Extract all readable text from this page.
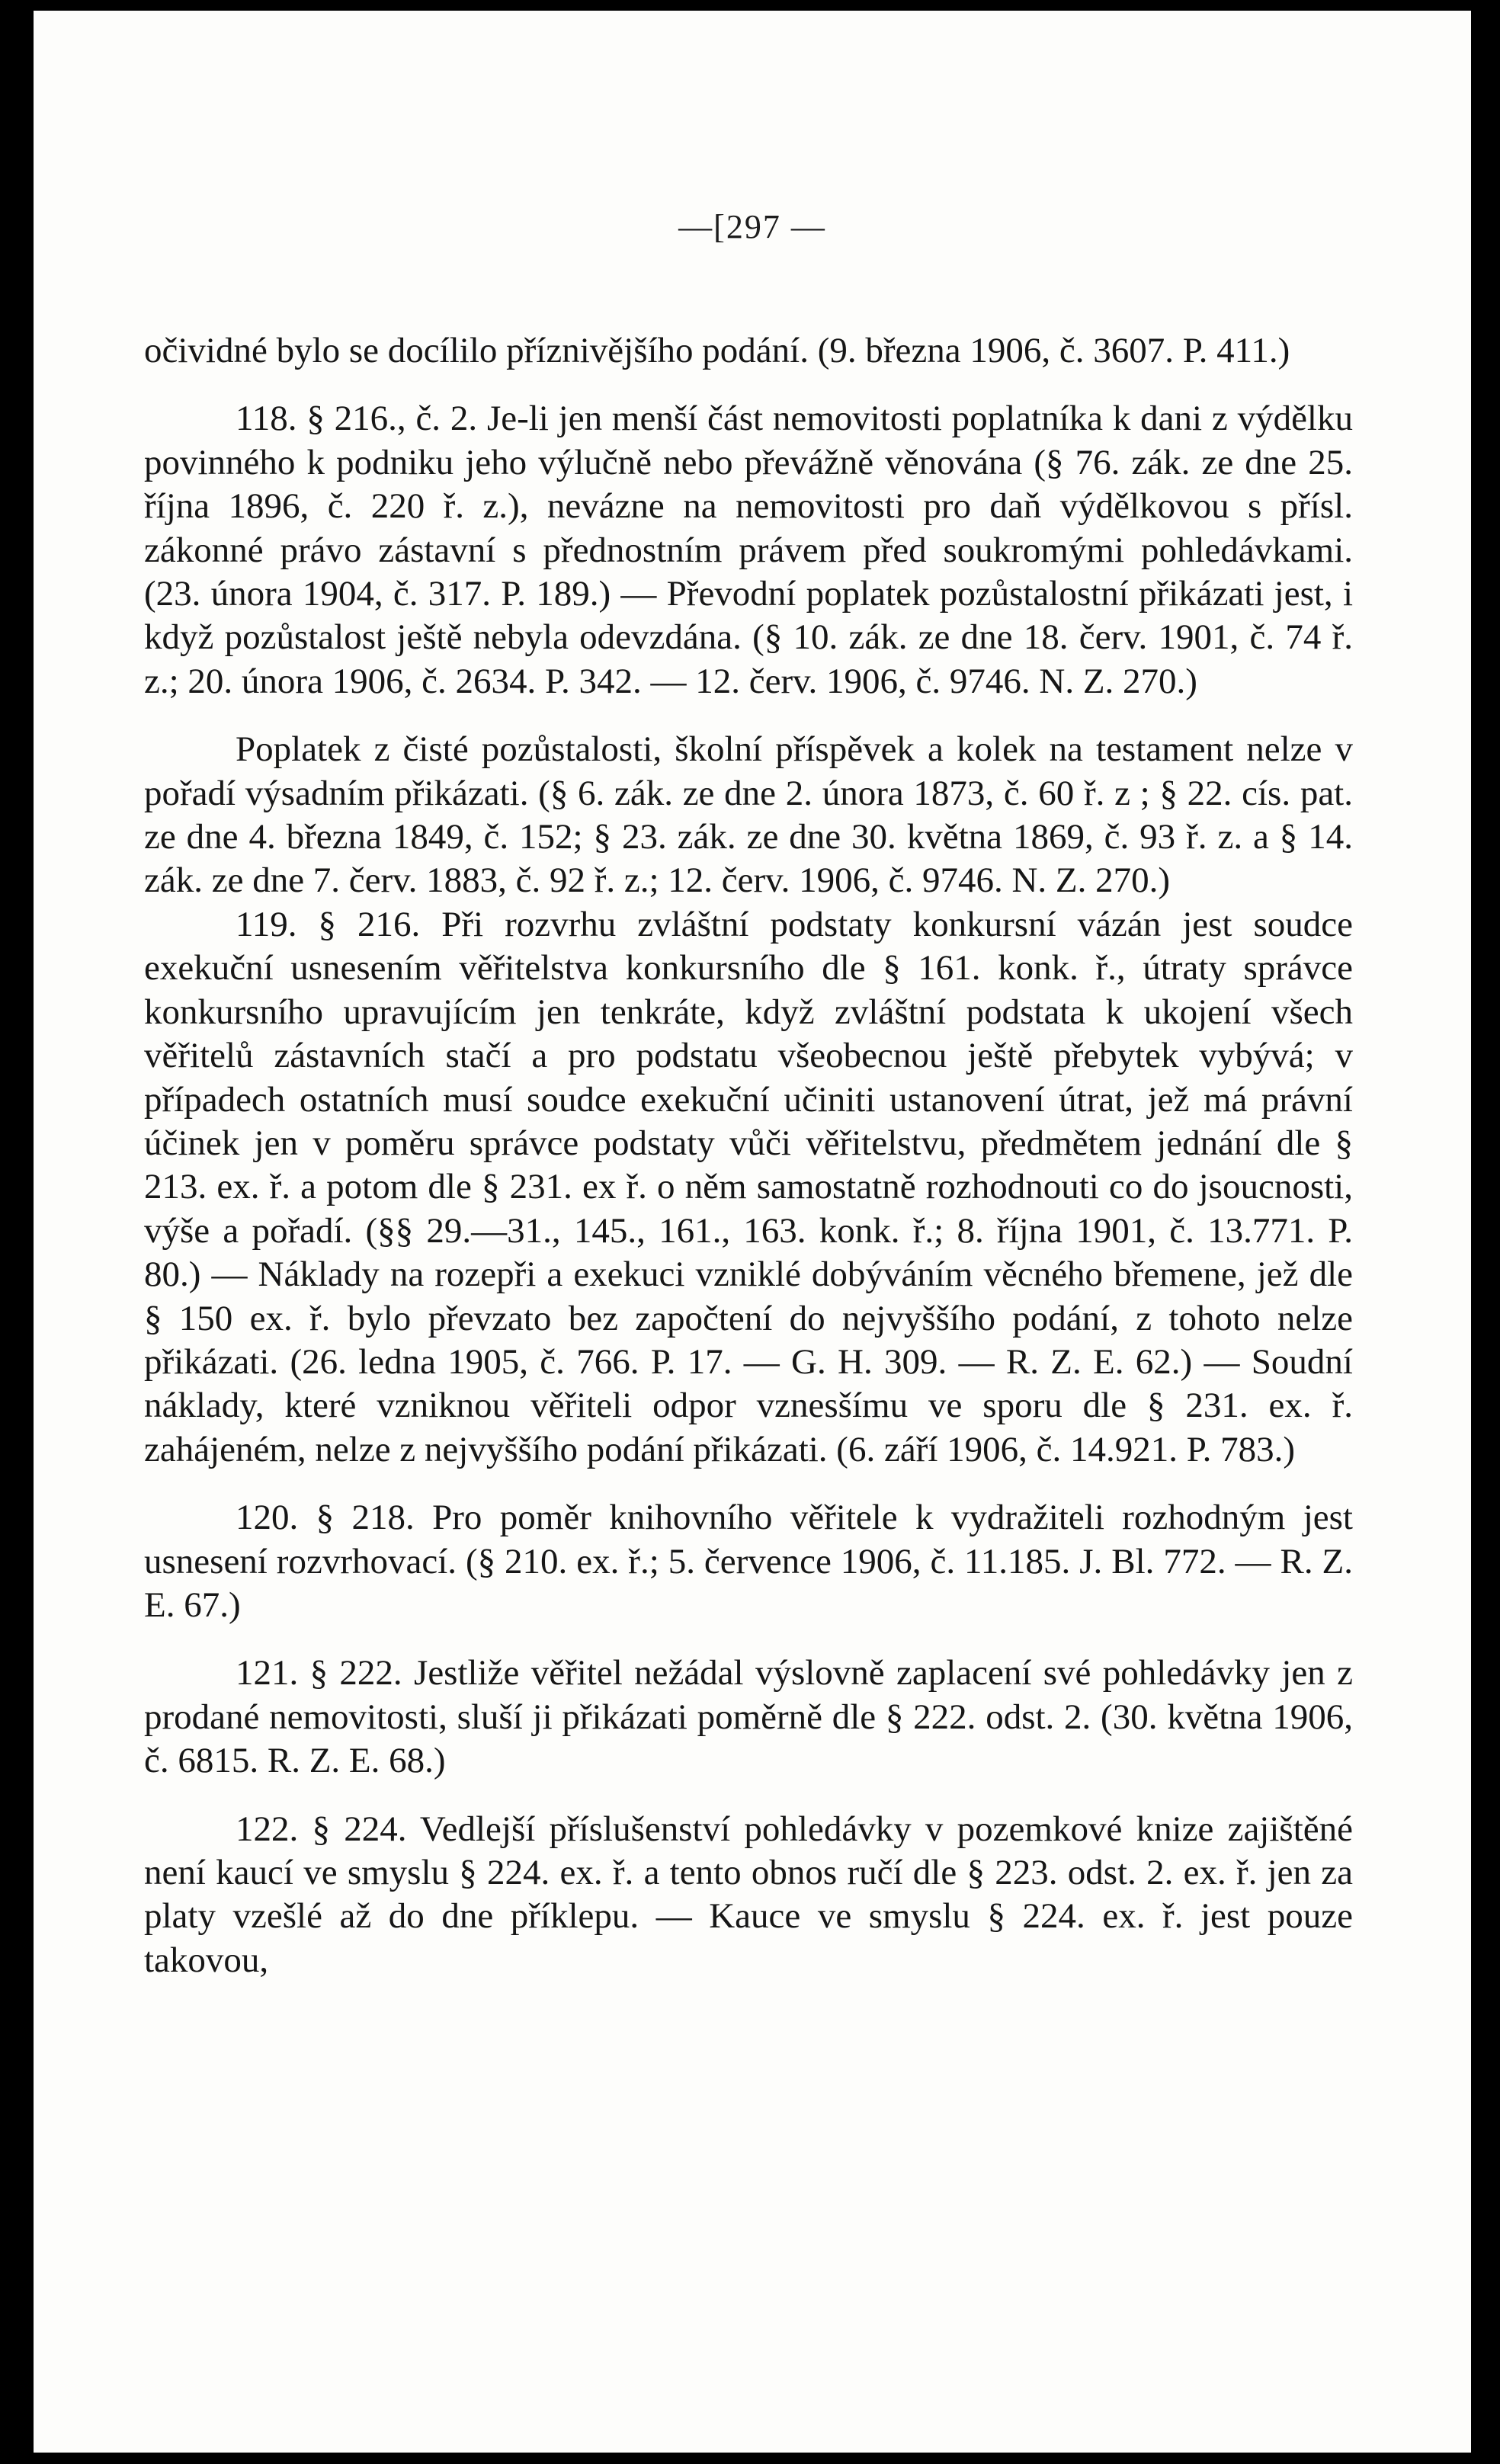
—[297 —

očividné bylo se docílilo příznivějšího podání. (9. března 1906, č. 3607. P. 411.)

118. § 216., č. 2. Je-li jen menší část nemovitosti poplatníka k dani z výdělku povinného k podniku jeho výlučně nebo převážně věnována (§ 76. zák. ze dne 25. října 1896, č. 220 ř. z.), nevázne na nemovitosti pro daň výdělkovou s přísl. zákonné právo zástavní s přednostním právem před soukromými pohledávkami. (23. února 1904, č. 317. P. 189.) — Převodní poplatek pozůstalostní přikázati jest, i když pozůstalost ještě nebyla odevzdána. (§ 10. zák. ze dne 18. červ. 1901, č. 74 ř. z.; 20. února 1906, č. 2634. P. 342. — 12. červ. 1906, č. 9746. N. Z. 270.)

Poplatek z čisté pozůstalosti, školní příspěvek a kolek na testament nelze v pořadí výsadním přikázati. (§ 6. zák. ze dne 2. února 1873, č. 60 ř. z ; § 22. cís. pat. ze dne 4. března 1849, č. 152; § 23. zák. ze dne 30. května 1869, č. 93 ř. z. a § 14. zák. ze dne 7. červ. 1883, č. 92 ř. z.; 12. červ. 1906, č. 9746. N. Z. 270.)

119. § 216. Při rozvrhu zvláštní podstaty konkursní vázán jest soudce exekuční usnesením věřitelstva konkursního dle § 161. konk. ř., útraty správce konkursního upravujícím jen tenkráte, když zvláštní podstata k ukojení všech věřitelů zástavních stačí a pro podstatu všeobecnou ještě přebytek vybývá; v případech ostatních musí soudce exekuční učiniti ustanovení útrat, jež má právní účinek jen v poměru správce podstaty vůči věřitelstvu, předmětem jednání dle § 213. ex. ř. a potom dle § 231. ex ř. o něm samostatně rozhodnouti co do jsoucnosti, výše a pořadí. (§§ 29.—31., 145., 161., 163. konk. ř.; 8. října 1901, č. 13.771. P. 80.) — Náklady na rozepři a exekuci vzniklé dobýváním věcného břemene, jež dle § 150 ex. ř. bylo převzato bez započtení do nejvyššího podání, z tohoto nelze přikázati. (26. ledna 1905, č. 766. P. 17. — G. H. 309. — R. Z. E. 62.) — Soudní náklady, které vzniknou věřiteli odpor vznesšímu ve sporu dle § 231. ex. ř. zahájeném, nelze z nejvyššího podání přikázati. (6. září 1906, č. 14.921. P. 783.)

120. § 218. Pro poměr knihovního věřitele k vydražiteli rozhodným jest usnesení rozvrhovací. (§ 210. ex. ř.; 5. července 1906, č. 11.185. J. Bl. 772. — R. Z. E. 67.)

121. § 222. Jestliže věřitel nežádal výslovně zaplacení své pohledávky jen z prodané nemovitosti, sluší ji přikázati poměrně dle § 222. odst. 2. (30. května 1906, č. 6815. R. Z. E. 68.)

122. § 224. Vedlejší příslušenství pohledávky v pozemkové knize zajištěné není kaucí ve smyslu § 224. ex. ř. a tento obnos ručí dle § 223. odst. 2. ex. ř. jen za platy vzešlé až do dne příklepu. — Kauce ve smyslu § 224. ex. ř. jest pouze takovou,
